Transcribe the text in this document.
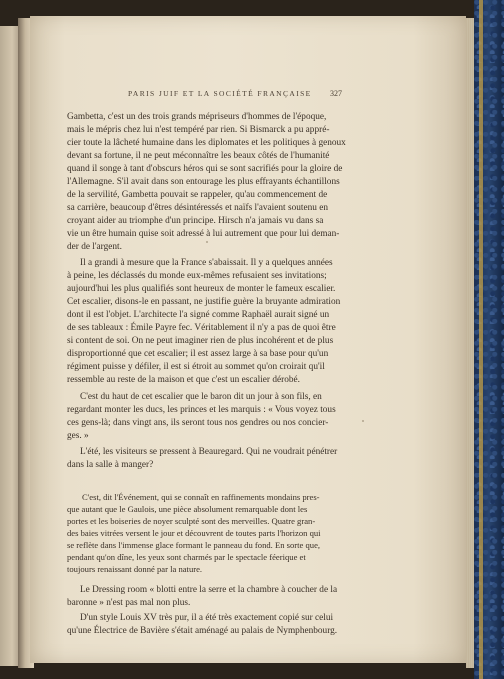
PARIS JUIF ET LA SOCIÉTÉ FRANÇAISE	327
Gambetta, c'est un des trois grands mépriseurs d'hommes de l'époque,
mais le mépris chez lui n'est tempéré par rien. Si Bismarck a pu appré-
cier toute la lâcheté humaine dans les diplomates et les politiques à genoux
devant sa fortune, il ne peut méconnaître les beaux côtés de l'humanité
quand il songe à tant d'obscurs héros qui se sont sacrifiés pour la gloire de
l'Allemagne. S'il avait dans son entourage les plus effrayants échantillons
de la servilité, Gambetta pouvait se rappeler, qu'au commencement de
sa carrière, beaucoup d'êtres désintéressés et naïfs l'avaient soutenu en
croyant aider au triomphe d'un principe. Hirsch n'a jamais vu dans sa
vie un être humain quise soit adressé à lui autrement que pour lui deman-
der de l'argent.
Il a grandi à mesure que la France s'abaissait. Il y a quelques années
à peine, les déclassés du monde eux-mêmes refusaient ses invitations;
aujourd'hui les plus qualifiés sont heureux de monter le fameux escalier.
Cet escalier, disons-le en passant, ne justifie guère la bruyante admiration
dont il est l'objet. L'architecte l'a signé comme Raphaël aurait signé un
de ses tableaux : Émile Payre fec. Véritablement il n'y a pas de quoi être
si content de soi. On ne peut imaginer rien de plus incohérent et de plus
disproportionné que cet escalier; il est assez large à sa base pour qu'un
régiment puisse y défiler, il est si étroit au sommet qu'on croirait qu'il
ressemble au reste de la maison et que c'est un escalier dérobé.
C'est du haut de cet escalier que le baron dit un jour à son fils, en
regardant monter les ducs, les princes et les marquis : « Vous voyez tous
ces gens-là; dans vingt ans, ils seront tous nos gendres ou nos concier-
ges. »
L'été, les visiteurs se pressent à Beauregard. Qui ne voudrait pénétrer
dans la salle à manger?
C'est, dit l'Événement, qui se connaît en raffinements mondains pres-
que autant que le Gaulois, une pièce absolument remarquable dont les
portes et les boiseries de noyer sculpté sont des merveilles. Quatre gran-
des baies vitrées versent le jour et découvrent de toutes parts l'horizon qui
se reflète dans l'immense glace formant le panneau du fond. En sorte que,
pendant qu'on dîne, les yeux sont charmés par le spectacle féerique et
toujours renaissant donné par la nature.
Le Dressing room « blotti entre la serre et la chambre à coucher de la
baronne » n'est pas mal non plus.
D'un style Louis XV très pur, il a été très exactement copié sur celui
qu'une Électrice de Bavière s'était aménagé au palais de Nymphenbourg.
